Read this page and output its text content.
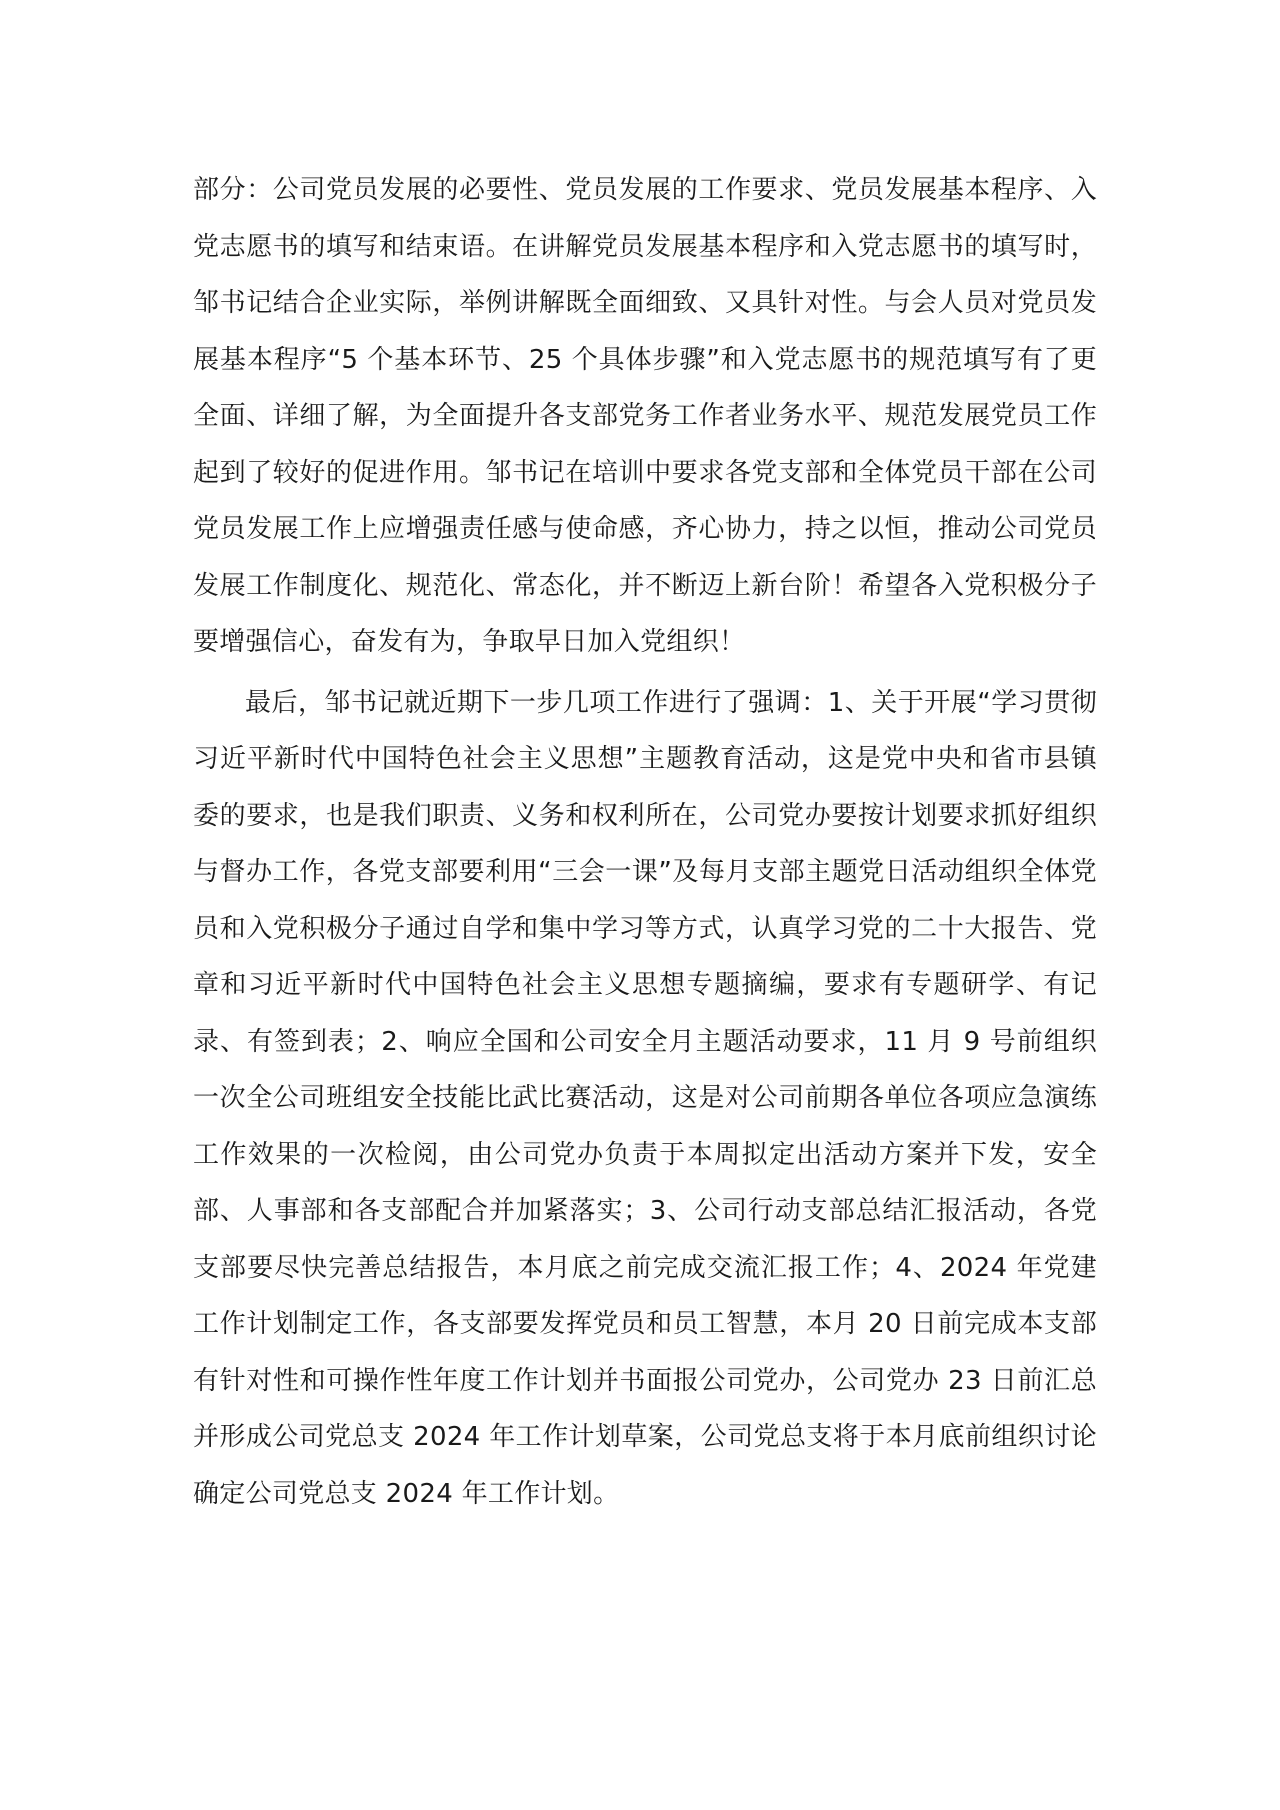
部分：公司党员发展的必要性、党员发展的工作要求、党员发展基本程序、入党志愿书的填写和结束语。在讲解党员发展基本程序和入党志愿书的填写时，邹书记结合企业实际，举例讲解既全面细致、又具针对性。与会人员对党员发展基本程序“5 个基本环节、25 个具体步骤”和入党志愿书的规范填写有了更全面、详细了解，为全面提升各支部党务工作者业务水平、规范发展党员工作起到了较好的促进作用。邹书记在培训中要求各党支部和全体党员干部在公司党员发展工作上应增强责任感与使命感，齐心协力，持之以恒，推动公司党员发展工作制度化、规范化、常态化，并不断迈上新台阶！希望各入党积极分子要增强信心，奋发有为，争取早日加入党组织！

最后，邹书记就近期下一步几项工作进行了强调：1、关于开展“学习贯彻习近平新时代中国特色社会主义思想”主题教育活动，这是党中央和省市县镇委的要求，也是我们职责、义务和权利所在，公司党办要按计划要求抓好组织与督办工作，各党支部要利用“三会一课”及每月支部主题党日活动组织全体党员和入党积极分子通过自学和集中学习等方式，认真学习党的二十大报告、党章和习近平新时代中国特色社会主义思想专题摘编，要求有专题研学、有记录、有签到表；2、响应全国和公司安全月主题活动要求，11 月 9 号前组织一次全公司班组安全技能比武比赛活动，这是对公司前期各单位各项应急演练工作效果的一次检阅，由公司党办负责于本周拟定出活动方案并下发，安全部、人事部和各支部配合并加紧落实；3、公司行动支部总结汇报活动，各党支部要尽快完善总结报告，本月底之前完成交流汇报工作；4、2024 年党建工作计划制定工作，各支部要发挥党员和员工智慧，本月 20 日前完成本支部有针对性和可操作性年度工作计划并书面报公司党办，公司党办 23 日前汇总并形成公司党总支 2024 年工作计划草案，公司党总支将于本月底前组织讨论确定公司党总支 2024 年工作计划。
